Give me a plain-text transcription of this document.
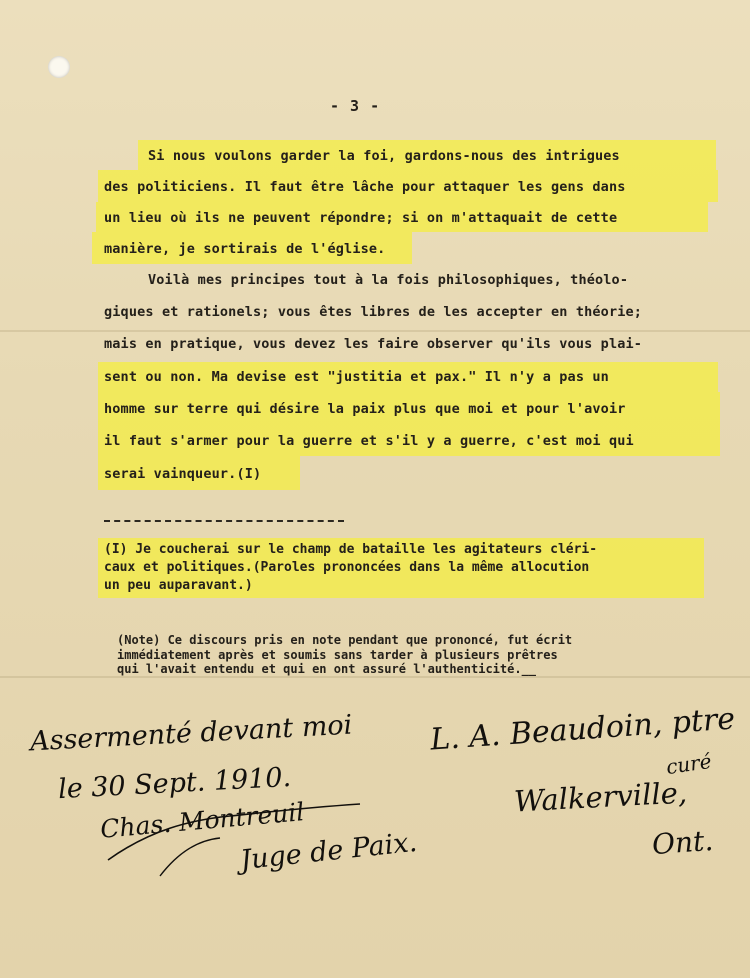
- 3 -
Si nous voulons garder la foi, gardons-nous des intrigues
des politiciens. Il faut être lâche pour attaquer les gens dans
un lieu où ils ne peuvent répondre; si on m'attaquait de cette
manière, je sortirais de l'église.
Voilà mes principes tout à la fois philosophiques, théolo-
giques et rationels; vous êtes libres de les accepter en théorie;
mais en pratique, vous devez les faire observer qu'ils vous plai-
sent ou non. Ma devise est "justitia et pax." Il n'y a pas un
homme sur terre qui désire la paix plus que moi et pour l'avoir
il faut s'armer pour la guerre et s'il y a guerre, c'est moi qui
serai vainqueur.(I)
(I) Je coucherai sur le champ de bataille les agitateurs cléri-
caux et politiques.(Paroles prononcées dans la même allocution
un peu auparavant.)
(Note) Ce discours pris en note pendant que prononcé, fut écrit
immédiatement après et soumis sans tarder à plusieurs prêtres
qui l'avait entendu et qui en ont assuré l'authenticité.__
Assermenté devant moi
le 30 Sept. 1910.
Chas. Montreuil
Juge de Paix.
L. A. Beaudoin, ptre
curé
Walkerville,
Ont.
